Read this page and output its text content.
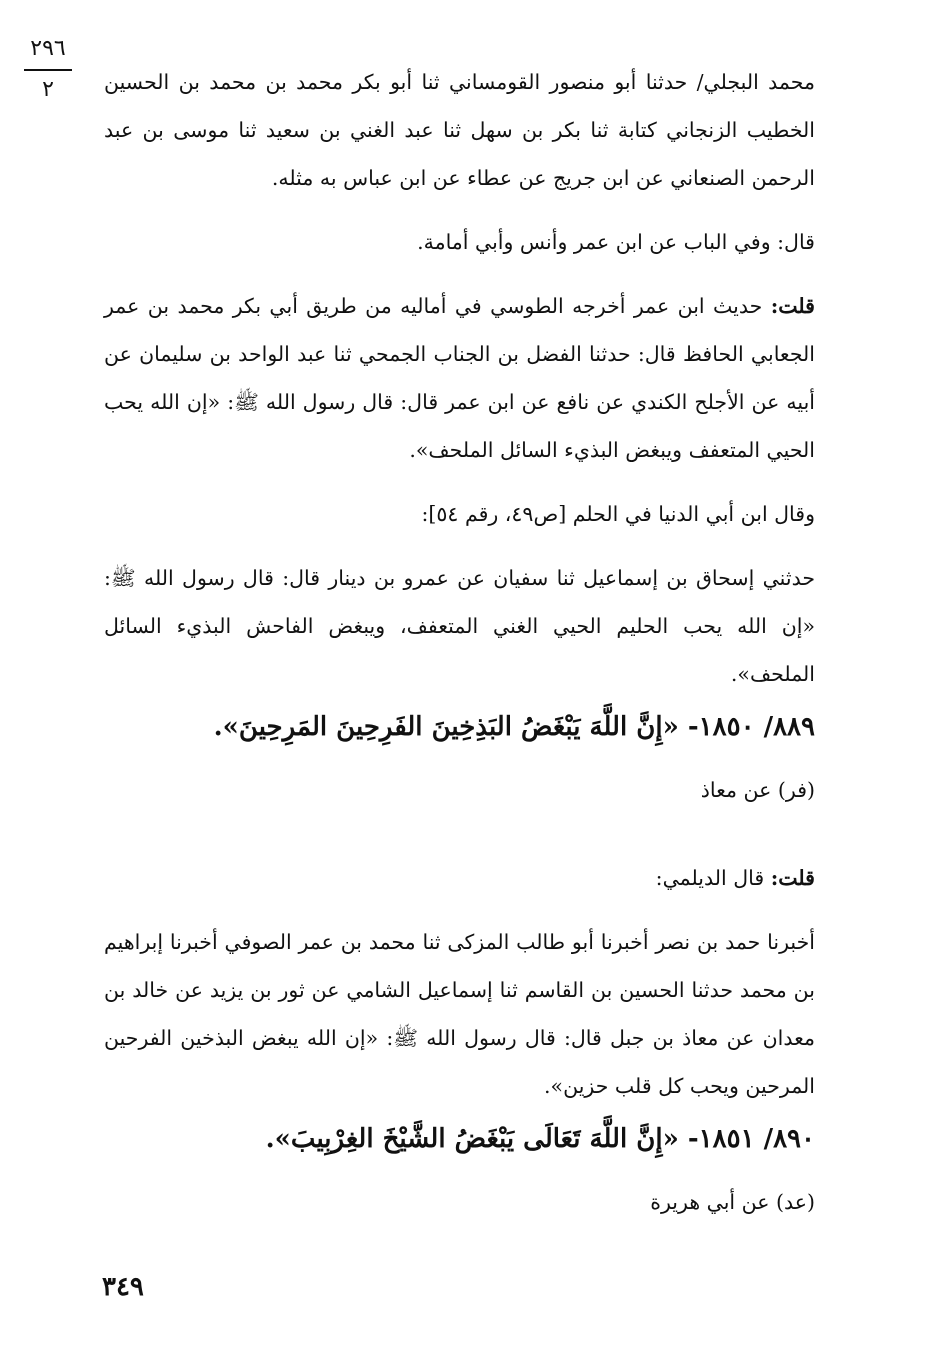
٢٩٦
٢	محمد البجلي/ حدثنا أبو منصور القومساني ثنا أبو بكر محمد بن محمد بن الحسين الخطيب الزنجاني كتابة ثنا بكر بن سهل ثنا عبد الغني بن سعيد ثنا موسى بن عبد الرحمن الصنعاني عن ابن جريج عن عطاء عن ابن عباس به مثله.

قال: وفي الباب عن ابن عمر وأنس وأبي أمامة.

قلت: حديث ابن عمر أخرجه الطوسي في أماليه من طريق أبي بكر محمد بن عمر الجعابي الحافظ قال: حدثنا الفضل بن الجناب الجمحي ثنا عبد الواحد بن سليمان عن أبيه عن الأجلح الكندي عن نافع عن ابن عمر قال: قال رسول الله ﷺ: «إن الله يحب الحيي المتعفف ويبغض البذيء السائل الملحف».

وقال ابن أبي الدنيا في الحلم [ص٤٩، رقم ٥٤]:

حدثني إسحاق بن إسماعيل ثنا سفيان عن عمرو بن دينار قال: قال رسول الله ﷺ: «إن الله يحب الحليم الحيي الغني المتعفف، ويبغض الفاحش البذيء السائل الملحف».

٨٨٩/ ١٨٥٠- «إِنَّ اللَّهَ يَبْغَضُ البَذِخِينَ الفَرِحِينَ المَرِحِينَ».

(فر) عن معاذ

قلت: قال الديلمي:

أخبرنا حمد بن نصر أخبرنا أبو طالب المزكى ثنا محمد بن عمر الصوفي أخبرنا إبراهيم بن محمد حدثنا الحسين بن القاسم ثنا إسماعيل الشامي عن ثور بن يزيد عن خالد بن معدان عن معاذ بن جبل قال: قال رسول الله ﷺ: «إن الله يبغض البذخين الفرحين المرحين ويحب كل قلب حزين».

٨٩٠/ ١٨٥١- «إِنَّ اللَّهَ تَعَالَى يَبْغَضُ الشَّيْخَ الغِرْبِيبَ».

(عد) عن أبي هريرة

٣٤٩
